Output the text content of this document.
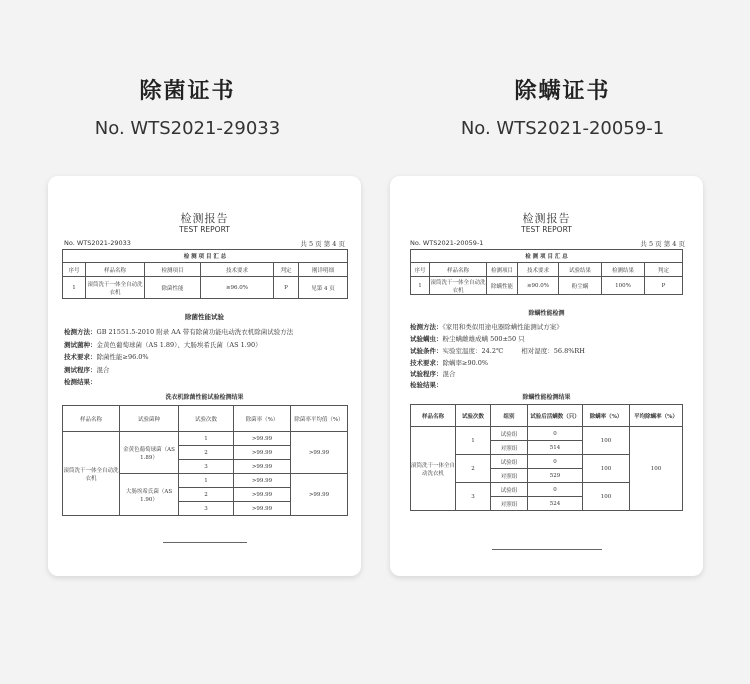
除菌证书
No. WTS2021-29033
检测报告
TEST REPORT
No. WTS2021-29033	共 5 页 第 4 页
检 测 项 目 汇 总					
序号	样品名称	检测项目	技术要求	判定	刚详明细
1	滚筒洗干一体全自动洗衣机	除菌性能	≥96.0%	P	见第 4 页
除菌性能试验
检测方法：GB 21551.5-2010 附录 AA 带有除菌功能电动洗衣机除菌试验方法
测试菌种：金黄色葡萄球菌（AS 1.89）、大肠埃希氏菌（AS 1.90）
技术要求：除菌性能≥96.0%
测试程序：混合
检测结果：
洗衣机除菌性能试验检测结果
样品名称	试验菌种	试验次数	除菌率（%）	除菌率平均值（%）
滚筒洗干一体全自动洗衣机	金黄色葡萄球菌（AS 1.89）	1	>99.99	>99.99
		2	>99.99	
		3	>99.99	
	大肠埃希氏菌（AS 1.90）	1	>99.99	>99.99
		2	>99.99	
		3	>99.99	
除螨证书
No. WTS2021-20059-1
检测报告
TEST REPORT
No. WTS2021-20059-1	共 5 页 第 4 页
检 测 项 目 汇 总						
序号	样品名称	检测项目	技术要求	试验结果	检测结果	判定
1	滚筒洗干一体全自动洗衣机	除螨性能	≥90.0%	粉尘螨	100%	P
除螨性能检测
检测方法：《家用和类似用途电器除螨性能测试方案》
试验螨虫：粉尘螨雌雄成螨 500±50 只
试验条件：实验室温度：24.2℃	相对湿度：56.8%RH
技术要求：除螨率≥90.0%
试验程序：混合
检验结果：
除螨性能检测结果
样品名称	试验次数	组别	试验后活螨数（只）	除螨率（%）	平均除螨率（%）
滚筒洗干一体全自动洗衣机	1	试验组	0	100	100
		对照组	514		
	2	试验组	0	100	
		对照组	529		
	3	试验组	0	100	
		对照组	524		
